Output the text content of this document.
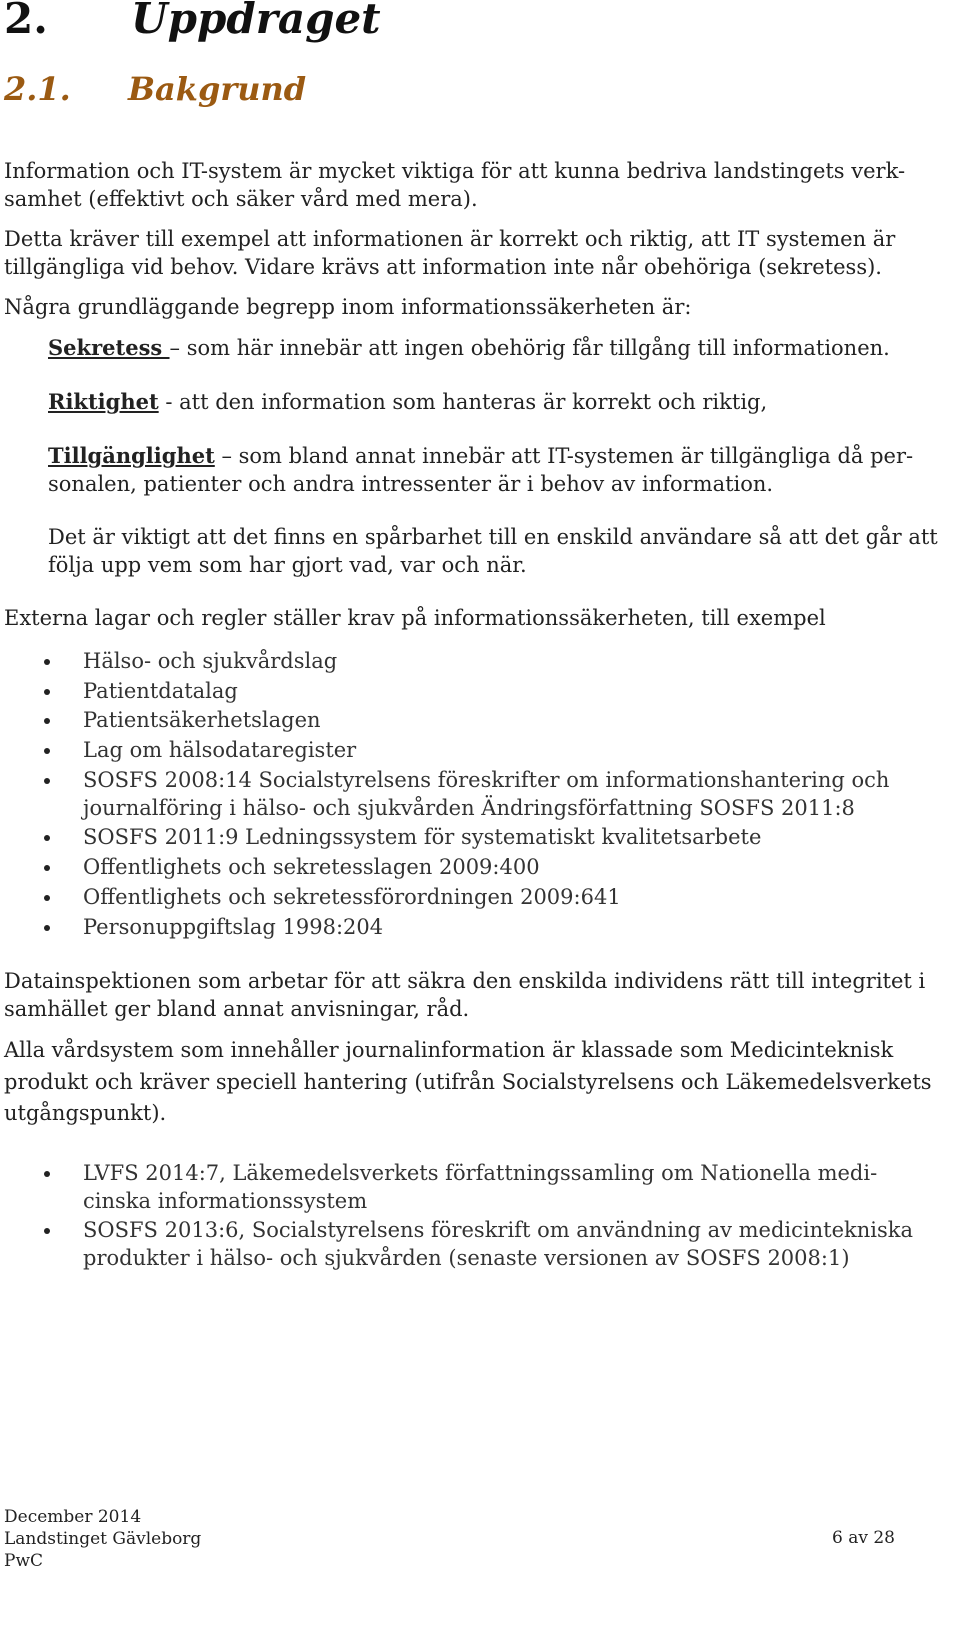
2. Uppdraget
2.1. Bakgrund
Information och IT-system är mycket viktiga för att kunna bedriva landstingets verk-
samhet (effektivt och säker vård med mera).
Detta kräver till exempel att informationen är korrekt och riktig, att IT systemen är
tillgängliga vid behov. Vidare krävs att information inte når obehöriga (sekretess).
Några grundläggande begrepp inom informationssäkerheten är:
Sekretess – som här innebär att ingen obehörig får tillgång till informationen.
Riktighet - att den information som hanteras är korrekt och riktig,
Tillgänglighet – som bland annat innebär att IT-systemen är tillgängliga då per-
sonalen, patienter och andra intressenter är i behov av information.
Det är viktigt att det finns en spårbarhet till en enskild användare så att det går att
följa upp vem som har gjort vad, var och när.
Externa lagar och regler ställer krav på informationssäkerheten, till exempel
Hälso- och sjukvårdslag
Patientdatalag
Patientsäkerhetslagen
Lag om hälsodataregister
SOSFS 2008:14 Socialstyrelsens föreskrifter om informationshantering och
journalföring i hälso- och sjukvården Ändringsförfattning SOSFS 2011:8
SOSFS 2011:9 Ledningssystem för systematiskt kvalitetsarbete
Offentlighets och sekretesslagen 2009:400
Offentlighets och sekretessförordningen 2009:641
Personuppgiftslag 1998:204
Datainspektionen som arbetar för att säkra den enskilda individens rätt till integritet i
samhället ger bland annat anvisningar, råd.
Alla vårdsystem som innehåller journalinformation är klassade som Medicinteknisk
produkt och kräver speciell hantering (utifrån Socialstyrelsens och Läkemedelsverkets
utgångspunkt).
LVFS 2014:7, Läkemedelsverkets författningssamling om Nationella medi-
cinska informationssystem
SOSFS 2013:6, Socialstyrelsens föreskrift om användning av medicintekniska
produkter i hälso- och sjukvården (senaste versionen av SOSFS 2008:1)
December 2014
Landstinget Gävleborg
PwC
6 av 28
